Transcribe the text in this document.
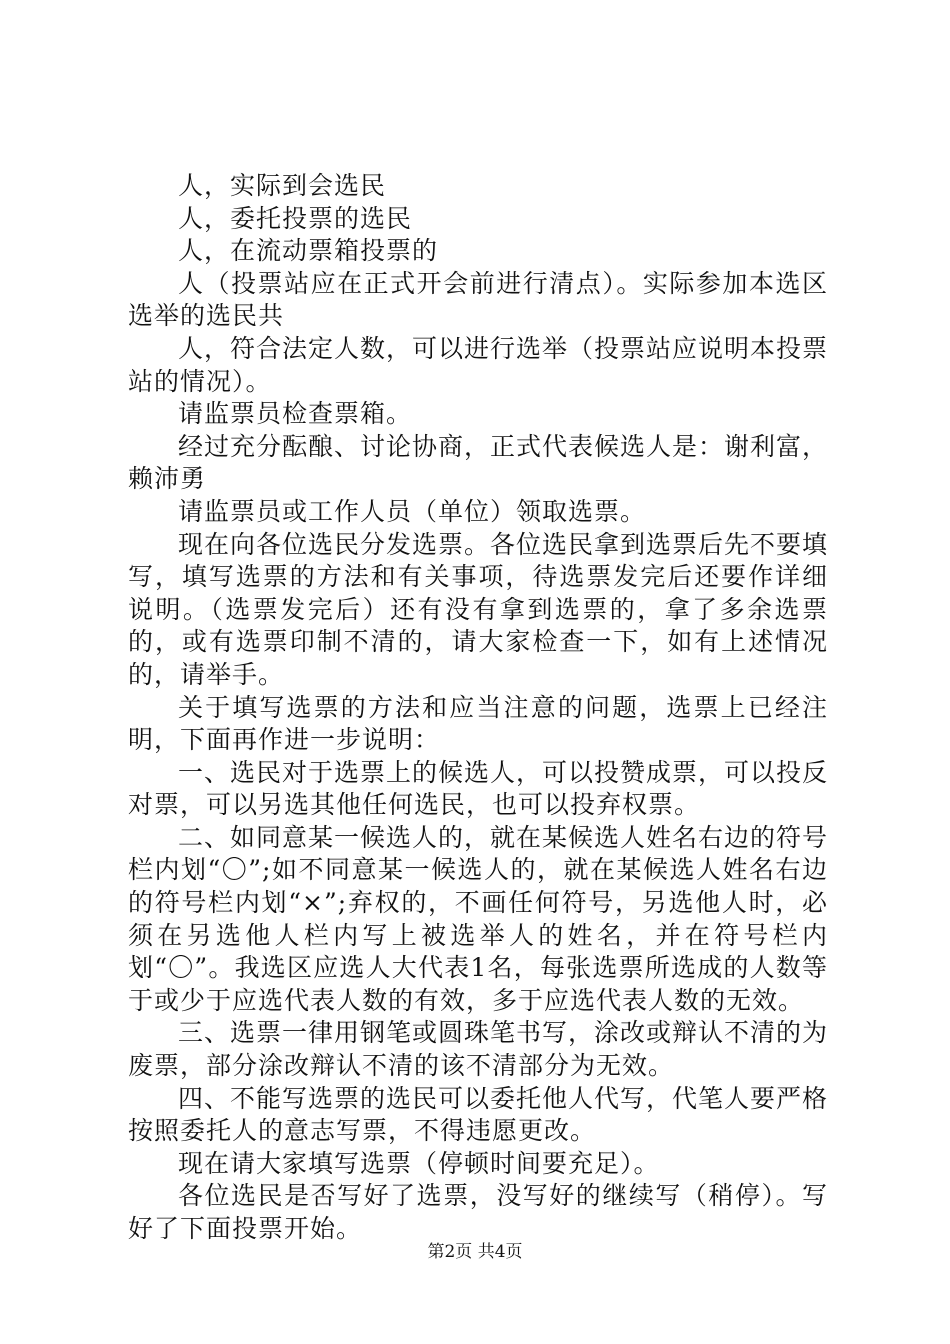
人，实际到会选民

人，委托投票的选民

人，在流动票箱投票的

人（投票站应在正式开会前进行清点）。实际参加本选区选举的选民共

人，符合法定人数，可以进行选举（投票站应说明本投票站的情况）。

请监票员检查票箱。

经过充分酝酿、讨论协商，正式代表候选人是：谢利富，赖沛勇

请监票员或工作人员（单位）领取选票。

现在向各位选民分发选票。各位选民拿到选票后先不要填写，填写选票的方法和有关事项，待选票发完后还要作详细说明。（选票发完后）还有没有拿到选票的，拿了多余选票的，或有选票印制不清的，请大家检查一下，如有上述情况的，请举手。

关于填写选票的方法和应当注意的问题，选票上已经注明，下面再作进一步说明：

一、选民对于选票上的候选人，可以投赞成票，可以投反对票，可以另选其他任何选民，也可以投弃权票。

二、如同意某一候选人的，就在某候选人姓名右边的符号栏内划“〇”;如不同意某一候选人的，就在某候选人姓名右边的符号栏内划“×”;弃权的，不画任何符号，另选他人时，必须在另选他人栏内写上被选举人的姓名，并在符号栏内划“〇”。我选区应选人大代表1名，每张选票所选成的人数等于或少于应选代表人数的有效，多于应选代表人数的无效。

三、选票一律用钢笔或圆珠笔书写，涂改或辩认不清的为废票，部分涂改辩认不清的该不清部分为无效。

四、不能写选票的选民可以委托他人代写，代笔人要严格按照委托人的意志写票，不得违愿更改。

现在请大家填写选票（停顿时间要充足）。

各位选民是否写好了选票，没写好的继续写（稍停）。写好了下面投票开始。

第2页 共4页
